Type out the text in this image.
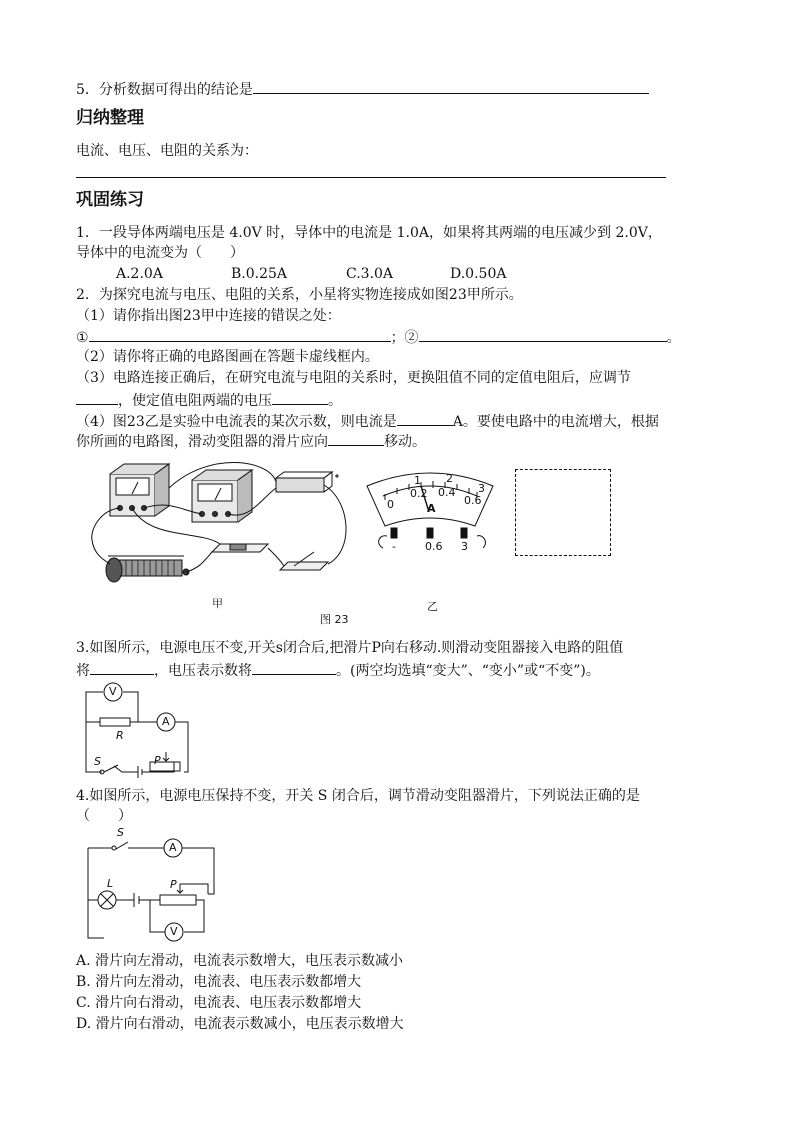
5．分析数据可得出的结论是
归纳整理
电流、电压、电阻的关系为：
巩固练习
1．一段导体两端电压是 4.0V 时，导体中的电流是 1.0A，如果将其两端的电压减少到 2.0V，
导体中的电流变为（　　）
A.2.0A	B.0.25A	C.3.0A	D.0.50A
2．为探究电流与电压、电阻的关系，小星将实物连接成如图23甲所示。
（1）请你指出图23甲中连接的错误之处：
①	；②	。
（2）请你将正确的电路图画在答题卡虚线框内。
（3）电路连接正确后，在研究电流与电阻的关系时，更换阻值不同的定值电阻后，应调节
，使定值电阻两端的电压	。
（4）图23乙是实验中电流表的某次示数，则电流是	A。要使电路中的电流增大，根据
你所画的电路图，滑动变阻器的滑片应向	移动。
0
0.2 0.4
0.6
1 2
3
A
-	0.6 3
甲	乙
图 23
3.如图所示，电源电压不变,开关s闭合后,把滑片P向右移动.则滑动变阻器接入电路的阻值
将	，电压表示数将	。(两空均选填“变大”、“变小”或“不变”)。
V
A
R
S	P
4.如图所示，电源电压保持不变，开关 S 闭合后，调节滑动变阻器滑片，下列说法正确的是
（　　）
S
A
L	P
V
A. 滑片向左滑动，电流表示数增大，电压表示数减小
B. 滑片向左滑动，电流表、电压表示数都增大
C. 滑片向右滑动，电流表、电压表示数都增大
D. 滑片向右滑动，电流表示数减小，电压表示数增大
